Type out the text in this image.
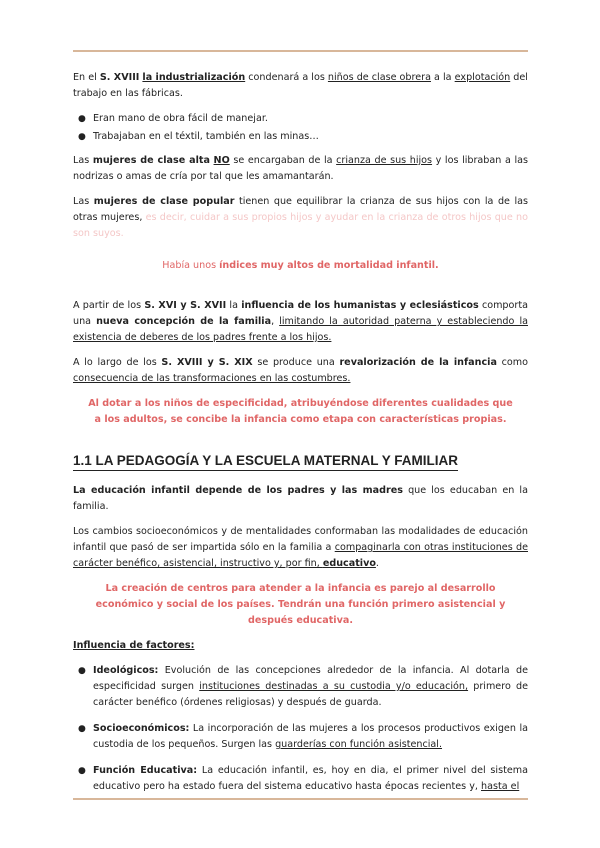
En el S. XVIII la industrialización condenará a los niños de clase obrera a la explotación del trabajo en las fábricas.

● Eran mano de obra fácil de manejar.
● Trabajaban en el téxtil, también en las minas…

Las mujeres de clase alta NO se encargaban de la crianza de sus hijos y los libraban a las nodrizas o amas de cría por tal que les amamantarán.

Las mujeres de clase popular tienen que equilibrar la crianza de sus hijos con la de las otras mujeres, es decir, cuidar a sus propios hijos y ayudar en la crianza de otros hijos que no son suyos.

Había unos índices muy altos de mortalidad infantil.

A partir de los S. XVI y S. XVII la influencia de los humanistas y eclesiásticos comporta una nueva concepción de la familia, limitando la autoridad paterna y estableciendo la existencia de deberes de los padres frente a los hijos.

A lo largo de los S. XVIII y S. XIX se produce una revalorización de la infancia como consecuencia de las transformaciones en las costumbres.

Al dotar a los niños de especificidad, atribuyéndose diferentes cualidades que a los adultos, se concibe la infancia como etapa con características propias.

1.1 LA PEDAGOGÍA Y LA ESCUELA MATERNAL Y FAMILIAR

La educación infantil depende de los padres y las madres que los educaban en la familia.

Los cambios socioeconómicos y de mentalidades conformaban las modalidades de educación infantil que pasó de ser impartida sólo en la familia a compaginarla con otras instituciones de carácter benéfico, asistencial, instructivo y, por fin, educativo.

La creación de centros para atender a la infancia es parejo al desarrollo económico y social de los países. Tendrán una función primero asistencial y después educativa.

Influencia de factores:

● Ideológicos: Evolución de las concepciones alrededor de la infancia. Al dotarla de especificidad surgen instituciones destinadas a su custodia y/o educación, primero de carácter benéfico (órdenes religiosas) y después de guarda.
● Socioeconómicos: La incorporación de las mujeres a los procesos productivos exigen la custodia de los pequeños. Surgen las guarderías con función asistencial.
● Función Educativa: La educación infantil, es, hoy en dia, el primer nivel del sistema educativo pero ha estado fuera del sistema educativo hasta épocas recientes y, hasta el
